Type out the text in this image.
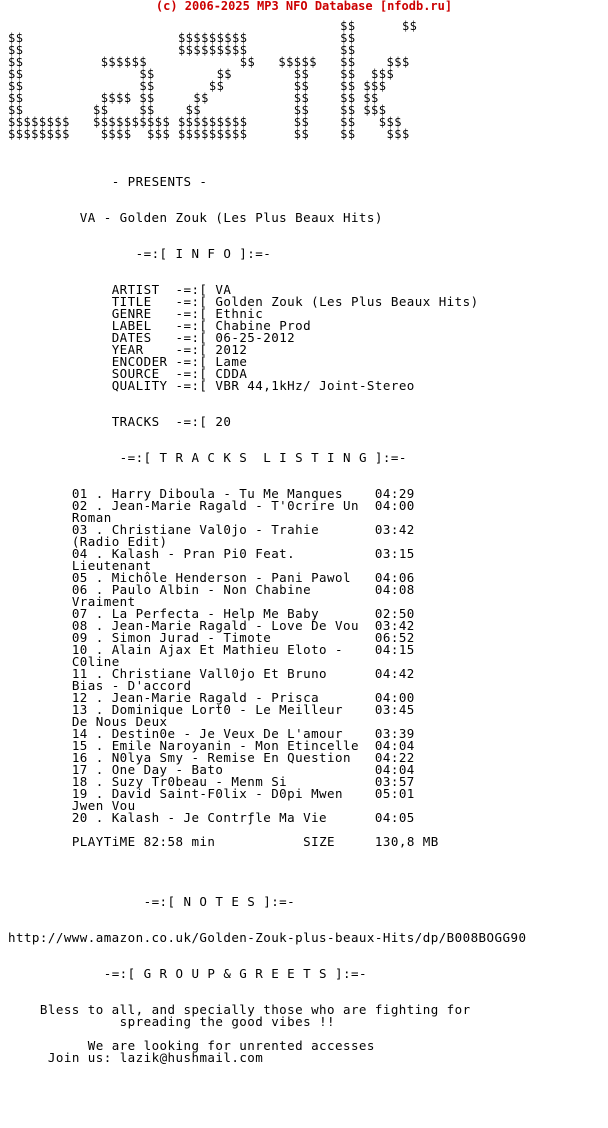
(c) 2006-2025 MP3 NFO Database [nfodb.ru]
$$      $$
$$                    $$$$$$$$$            $$
$$                    $$$$$$$$$            $$
$$          $$$$$$            $$   $$$$$   $$    $$$
$$               $$        $$        $$    $$  $$$
$$               $$       $$         $$    $$ $$$
$$          $$$$ $$     $$           $$    $$ $$
$$         $$    $$    $$            $$    $$ $$$
$$$$$$$$   $$$$$$$$$$ $$$$$$$$$      $$    $$   $$$
$$$$$$$$    $$$$  $$$ $$$$$$$$$      $$    $$    $$$
- PRESENTS -
VA - Golden Zouk (Les Plus Beaux Hits)
-=:[ I N F O ]:=-
ARTIST  -=:[ VA
TITLE   -=:[ Golden Zouk (Les Plus Beaux Hits)
GENRE   -=:[ Ethnic
LABEL   -=:[ Chabine Prod
DATES   -=:[ 06-25-2012
YEAR    -=:[ 2012
ENCODER -=:[ Lame
SOURCE  -=:[ CDDA
QUALITY -=:[ VBR 44,1kHz/ Joint-Stereo
TRACKS  -=:[ 20
-=:[ T R A C K S  L I S T I N G ]:=-
01 . Harry Diboula - Tu Me Manques    04:29
02 . Jean-Marie Ragald - T'0crire Un  04:00
Roman
03 . Christiane Val0jo - Trahie       03:42
(Radio Edit)
04 . Kalash - Pran Pi0 Feat.          03:15
Lieutenant
05 . Michôle Henderson - Pani Pawol   04:06
06 . Paulo Albin - Non Chabine        04:08
Vraiment
07 . La Perfecta - Help Me Baby       02:50
08 . Jean-Marie Ragald - Love De Vou  03:42
09 . Simon Jurad - Timote             06:52
10 . Alain Ajax Et Mathieu Eloto -    04:15
C0line
11 . Christiane Vall0jo Et Bruno      04:42
Bias - D'accord
12 . Jean-Marie Ragald - Prisca       04:00
13 . Dominique Lort0 - Le Meilleur    03:45
De Nous Deux
14 . Destin0e - Je Veux De L'amour    03:39
15 . Emile Naroyanin - Mon Etincelle  04:04
16 . N0lya Smy - Remise En Question   04:22
17 . One Day - Bato                   04:04
18 . Suzy Tr0beau - Menm Si           03:57
19 . David Saint-F0lix - D0pi Mwen    05:01
Jwen Vou
20 . Kalash - Je Contrƒle Ma Vie      04:05
PLAYTiME 82:58 min	SIZE	130,8 MB
-=:[ N O T E S ]:=-
http://www.amazon.co.uk/Golden-Zouk-plus-beaux-Hits/dp/B008BOGG90
-=:[ G R O U P & G R E E T S ]:=-
Bless to all, and specially those who are fighting for
spreading the good vibes !!
We are looking for unrented accesses
Join us: lazik@hushmail.com
